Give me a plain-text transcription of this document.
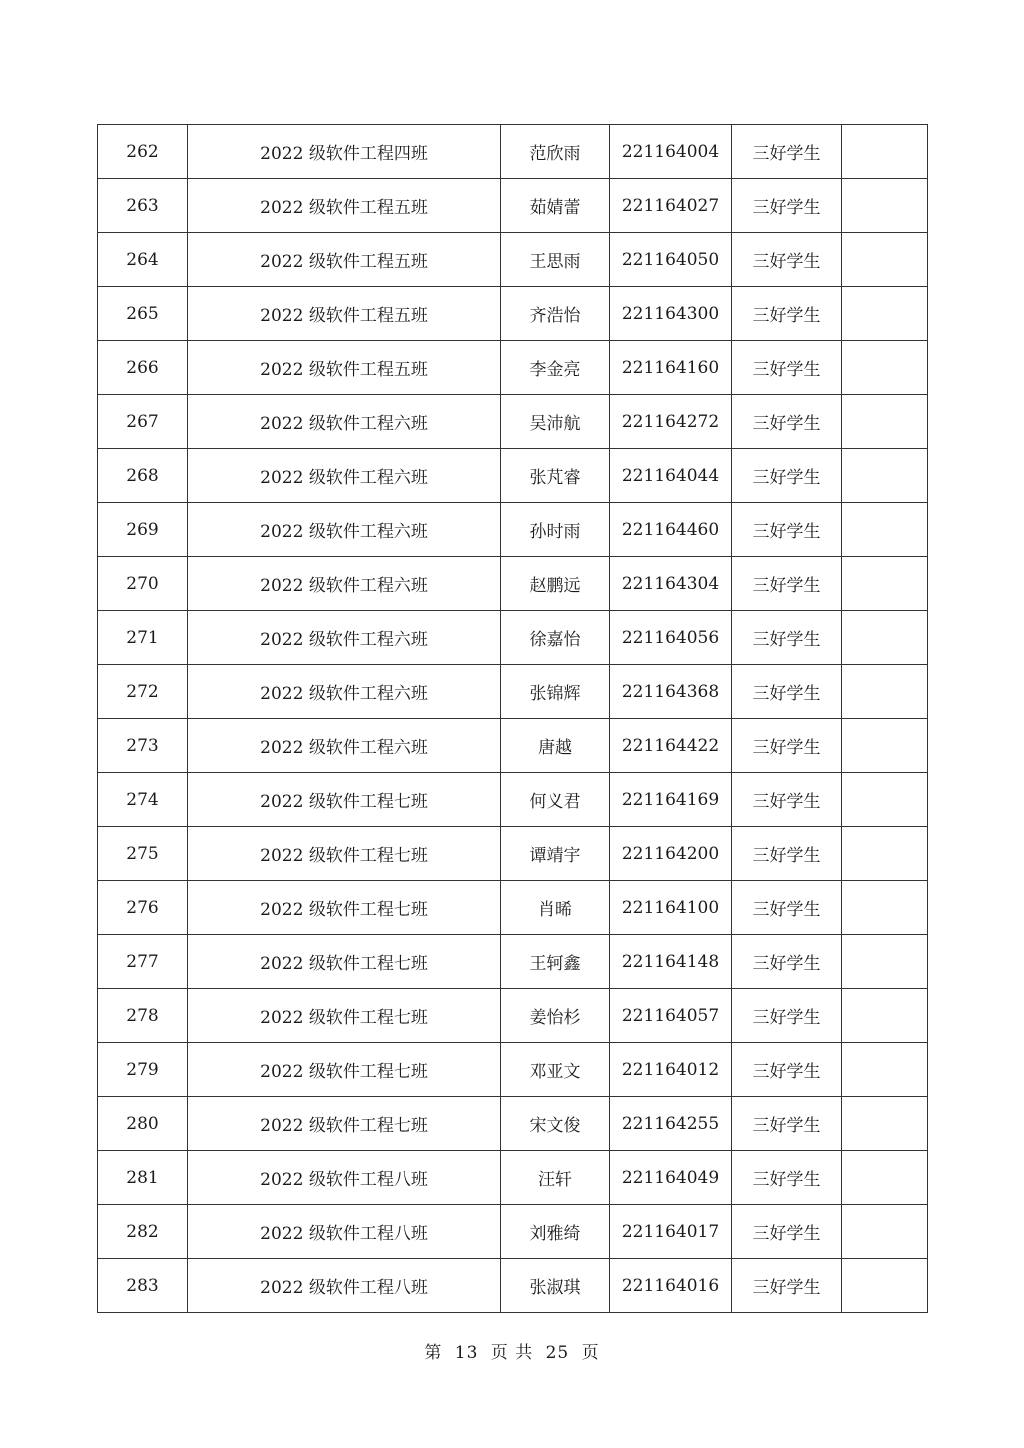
262	2022 级软件工程四班	范欣雨	221164004	三好学生	
263	2022 级软件工程五班	茹婧蕾	221164027	三好学生	
264	2022 级软件工程五班	王思雨	221164050	三好学生	
265	2022 级软件工程五班	齐浩怡	221164300	三好学生	
266	2022 级软件工程五班	李金亮	221164160	三好学生	
267	2022 级软件工程六班	吴沛航	221164272	三好学生	
268	2022 级软件工程六班	张芃睿	221164044	三好学生	
269	2022 级软件工程六班	孙时雨	221164460	三好学生	
270	2022 级软件工程六班	赵鹏远	221164304	三好学生	
271	2022 级软件工程六班	徐嘉怡	221164056	三好学生	
272	2022 级软件工程六班	张锦辉	221164368	三好学生	
273	2022 级软件工程六班	唐越	221164422	三好学生	
274	2022 级软件工程七班	何义君	221164169	三好学生	
275	2022 级软件工程七班	谭靖宇	221164200	三好学生	
276	2022 级软件工程七班	肖晞	221164100	三好学生	
277	2022 级软件工程七班	王轲鑫	221164148	三好学生	
278	2022 级软件工程七班	姜怡杉	221164057	三好学生	
279	2022 级软件工程七班	邓亚文	221164012	三好学生	
280	2022 级软件工程七班	宋文俊	221164255	三好学生	
281	2022 级软件工程八班	汪轩	221164049	三好学生	
282	2022 级软件工程八班	刘雅绮	221164017	三好学生	
283	2022 级软件工程八班	张淑琪	221164016	三好学生	
第 13 页 共 25 页
